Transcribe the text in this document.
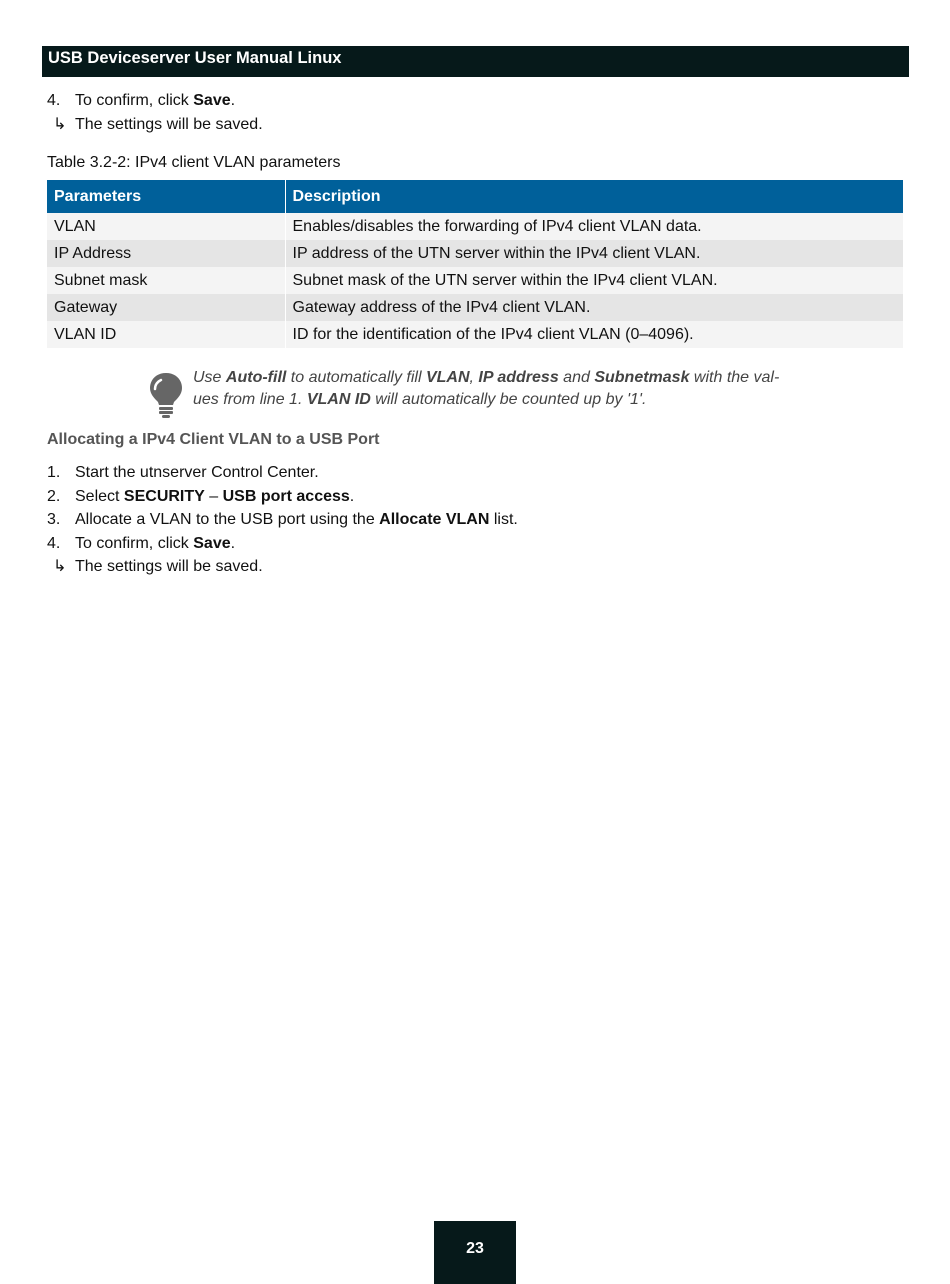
USB Deviceserver User Manual Linux
4. To confirm, click Save.
↳ The settings will be saved.
Table 3.2-2: IPv4 client VLAN parameters
Parameters	Description
VLAN	Enables/disables the forwarding of IPv4 client VLAN data.
IP Address	IP address of the UTN server within the IPv4 client VLAN.
Subnet mask	Subnet mask of the UTN server within the IPv4 client VLAN.
Gateway	Gateway address of the IPv4 client VLAN.
VLAN ID	ID for the identification of the IPv4 client VLAN (0–4096).
Use Auto-fill to automatically fill VLAN, IP address and Subnetmask with the val-
ues from line 1. VLAN ID will automatically be counted up by '1'.
Allocating a IPv4 Client VLAN to a USB Port
1. Start the utnserver Control Center.
2. Select SECURITY – USB port access.
3. Allocate a VLAN to the USB port using the Allocate VLAN list.
4. To confirm, click Save.
↳ The settings will be saved.
23
